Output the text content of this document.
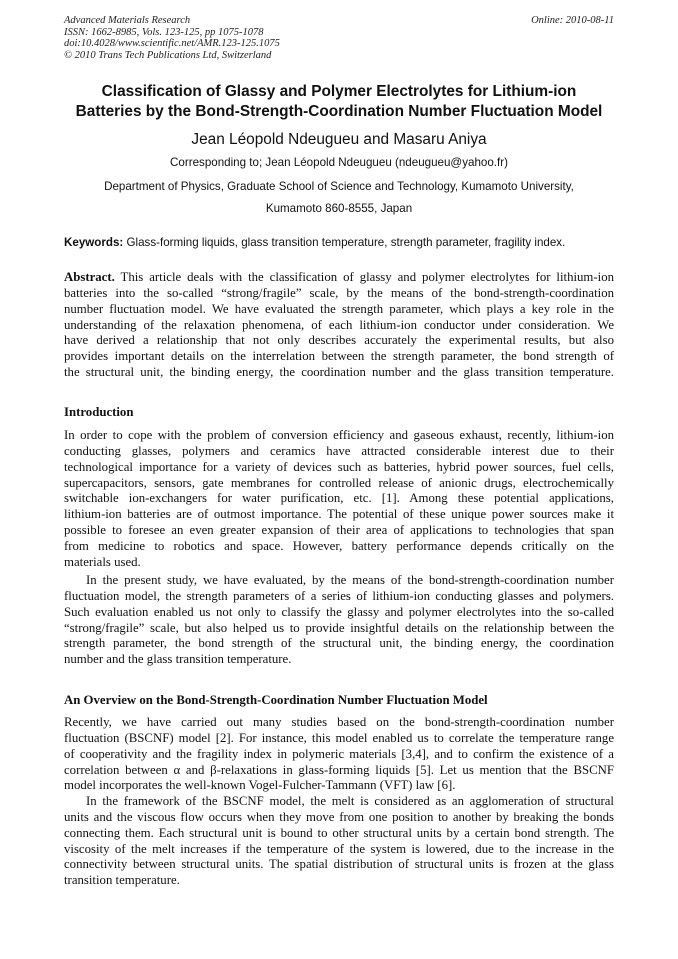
Advanced Materials Research
ISSN: 1662-8985, Vols. 123-125, pp 1075-1078
doi:10.4028/www.scientific.net/AMR.123-125.1075
© 2010 Trans Tech Publications Ltd, Switzerland
Online: 2010-08-11
Classification of Glassy and Polymer Electrolytes for Lithium-ion
Batteries by the Bond-Strength-Coordination Number Fluctuation Model
Jean Léopold Ndeugueu and Masaru Aniya
Corresponding to; Jean Léopold Ndeugueu (ndeugueu@yahoo.fr)
Department of Physics, Graduate School of Science and Technology, Kumamoto University,
Kumamoto 860-8555, Japan
Keywords: Glass-forming liquids, glass transition temperature, strength parameter, fragility index.
Abstract. This article deals with the classification of glassy and polymer electrolytes for lithium-ion
batteries into the so-called “strong/fragile” scale, by the means of the bond-strength-coordination
number fluctuation model. We have evaluated the strength parameter, which plays a key role in the
understanding of the relaxation phenomena, of each lithium-ion conductor under consideration. We
have derived a relationship that not only describes accurately the experimental results, but also
provides important details on the interrelation between the strength parameter, the bond strength of
the structural unit, the binding energy, the coordination number and the glass transition temperature.
Introduction
In order to cope with the problem of conversion efficiency and gaseous exhaust, recently, lithium-ion
conducting glasses, polymers and ceramics have attracted considerable interest due to their
technological importance for a variety of devices such as batteries, hybrid power sources, fuel cells,
supercapacitors, sensors, gate membranes for controlled release of anionic drugs, electrochemically
switchable ion-exchangers for water purification, etc. [1]. Among these potential applications,
lithium-ion batteries are of outmost importance. The potential of these unique power sources make it
possible to foresee an even greater expansion of their area of applications to technologies that span
from medicine to robotics and space. However, battery performance depends critically on the
materials used.
In the present study, we have evaluated, by the means of the bond-strength-coordination number
fluctuation model, the strength parameters of a series of lithium-ion conducting glasses and polymers.
Such evaluation enabled us not only to classify the glassy and polymer electrolytes into the so-called
“strong/fragile” scale, but also helped us to provide insightful details on the relationship between the
strength parameter, the bond strength of the structural unit, the binding energy, the coordination
number and the glass transition temperature.
An Overview on the Bond-Strength-Coordination Number Fluctuation Model
Recently, we have carried out many studies based on the bond-strength-coordination number
fluctuation (BSCNF) model [2]. For instance, this model enabled us to correlate the temperature range
of cooperativity and the fragility index in polymeric materials [3,4], and to confirm the existence of a
correlation between α and β-relaxations in glass-forming liquids [5]. Let us mention that the BSCNF
model incorporates the well-known Vogel-Fulcher-Tammann (VFT) law [6].
In the framework of the BSCNF model, the melt is considered as an agglomeration of structural
units and the viscous flow occurs when they move from one position to another by breaking the bonds
connecting them. Each structural unit is bound to other structural units by a certain bond strength. The
viscosity of the melt increases if the temperature of the system is lowered, due to the increase in the
connectivity between structural units. The spatial distribution of structural units is frozen at the glass
transition temperature.
